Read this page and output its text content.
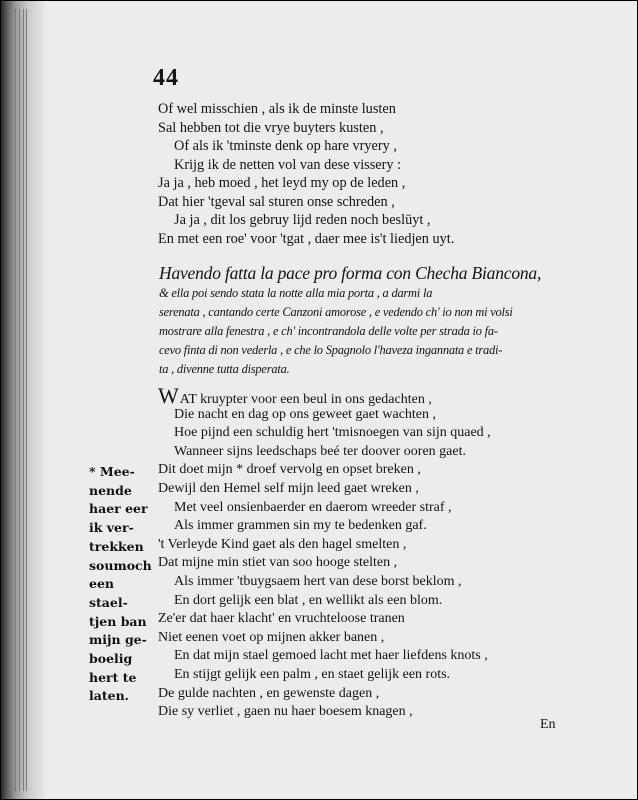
44
Of wel misschien , als ik de minste lusten
Sal hebben tot die vrye buyters kusten ,
Of als ik 'tminste denk op hare vryery ,
Krijg ik de netten vol van dese vissery :
Ja ja , heb moed , het leyd my op de leden ,
Dat hier 'tgeval sal sturen onse schreden ,
Ja ja , dit los gebruy lijd reden noch beslūyt ,
En met een roe' voor 'tgat , daer mee is't liedjen uyt.
Havendo fatta la pace pro forma con Checha Biancona,
& ella poi sendo stata la notte alla mia porta , a darmi la
serenata , cantando certe Canzoni amorose , e vedendo ch' io non mi volsi
mostrare alla fenestra , e ch' incontrandola delle volte per strada io fa-
cevo finta di non vederla , e che lo Spagnolo l'haveza ingannata e tradi-
ta , divenne tutta disperata.
WAT kruypter voor een beul in ons gedachten ,
Die nacht en dag op ons geweet gaet wachten ,
Hoe pijnd een schuldig hert 'tmisnoegen van sijn quaed ,
Wanneer sijns leedschaps beé ter doover ooren gaet.
Dit doet mijn * droef vervolg en opset breken ,
Dewijl den Hemel self mijn leed gaet wreken ,
Met veel onsienbaerder en daerom wreeder straf ,
Als immer grammen sin my te bedenken gaf.
't Verleyde Kind gaet als den hagel smelten ,
Dat mijne min stiet van soo hooge stelten ,
Als immer 'tbuygsaem hert van dese borst beklom ,
En dort gelijk een blat , en wellikt als een blom.
Ze'er dat haer klacht' en vruchteloose tranen
Niet eenen voet op mijnen akker banen ,
En dat mijn stael gemoed lacht met haer liefdens knots ,
En stijgt gelijk een palm , en staet gelijk een rots.
De gulde nachten , en gewenste dagen ,
Die sy verliet , gaen nu haer boesem knagen ,
* Mee-
nende
haer eer
ik ver-
trekken
soumoch
een stael-
tjen ban
mijn ge-
boelig
hert te
laten.
En
